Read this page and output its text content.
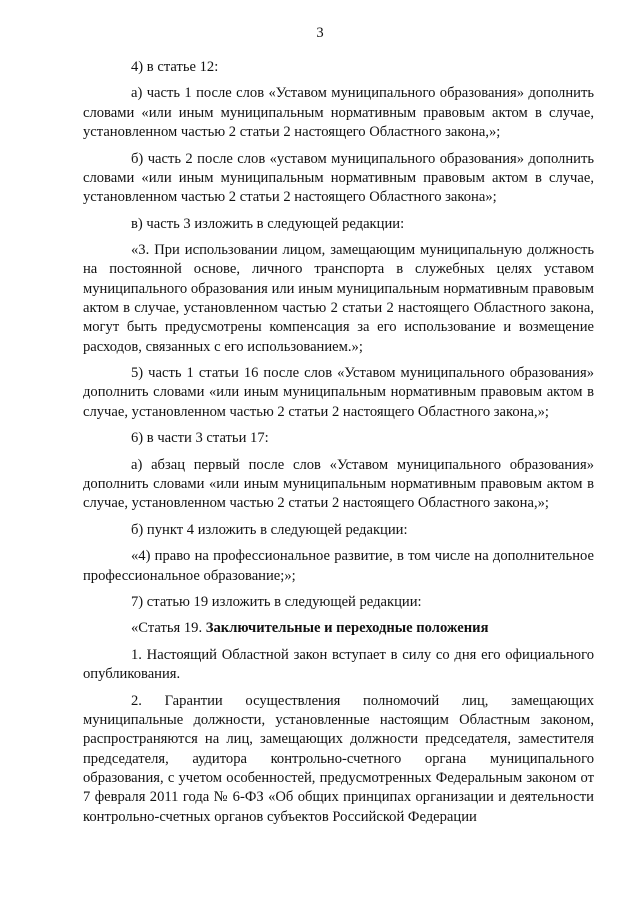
3

4) в статье 12:

а) часть 1 после слов «Уставом муниципального образования» дополнить словами «или иным муниципальным нормативным правовым актом в случае, установленном частью 2 статьи 2 настоящего Областного закона,»;

б) часть 2 после слов «уставом муниципального образования» дополнить словами «или иным муниципальным нормативным правовым актом в случае, установленном частью 2 статьи 2 настоящего Областного закона»;

в) часть 3 изложить в следующей редакции:

«3. При использовании лицом, замещающим муниципальную должность на постоянной основе, личного транспорта в служебных целях уставом муниципального образования или иным муниципальным нормативным правовым актом в случае, установленном частью 2 статьи 2 настоящего Областного закона, могут быть предусмотрены компенсация за его использование и возмещение расходов, связанных с его использованием.»;

5) часть 1 статьи 16 после слов «Уставом муниципального образования» дополнить словами «или иным муниципальным нормативным правовым актом в случае, установленном частью 2 статьи 2 настоящего Областного закона,»;

6) в части 3 статьи 17:

а) абзац первый после слов «Уставом муниципального образования» дополнить словами «или иным муниципальным нормативным правовым актом в случае, установленном частью 2 статьи 2 настоящего Областного закона,»;

б) пункт 4 изложить в следующей редакции:

«4) право на профессиональное развитие, в том числе на дополнительное профессиональное образование;»;

7) статью 19 изложить в следующей редакции:

«Статья 19. Заключительные и переходные положения

1. Настоящий Областной закон вступает в силу со дня его официального опубликования.

2. Гарантии осуществления полномочий лиц, замещающих муниципальные должности, установленные настоящим Областным законом, распространяются на лиц, замещающих должности председателя, заместителя председателя, аудитора контрольно-счетного органа муниципального образования, с учетом особенностей, предусмотренных Федеральным законом от 7 февраля 2011 года № 6-ФЗ «Об общих принципах организации и деятельности контрольно-счетных органов субъектов Российской Федерации
